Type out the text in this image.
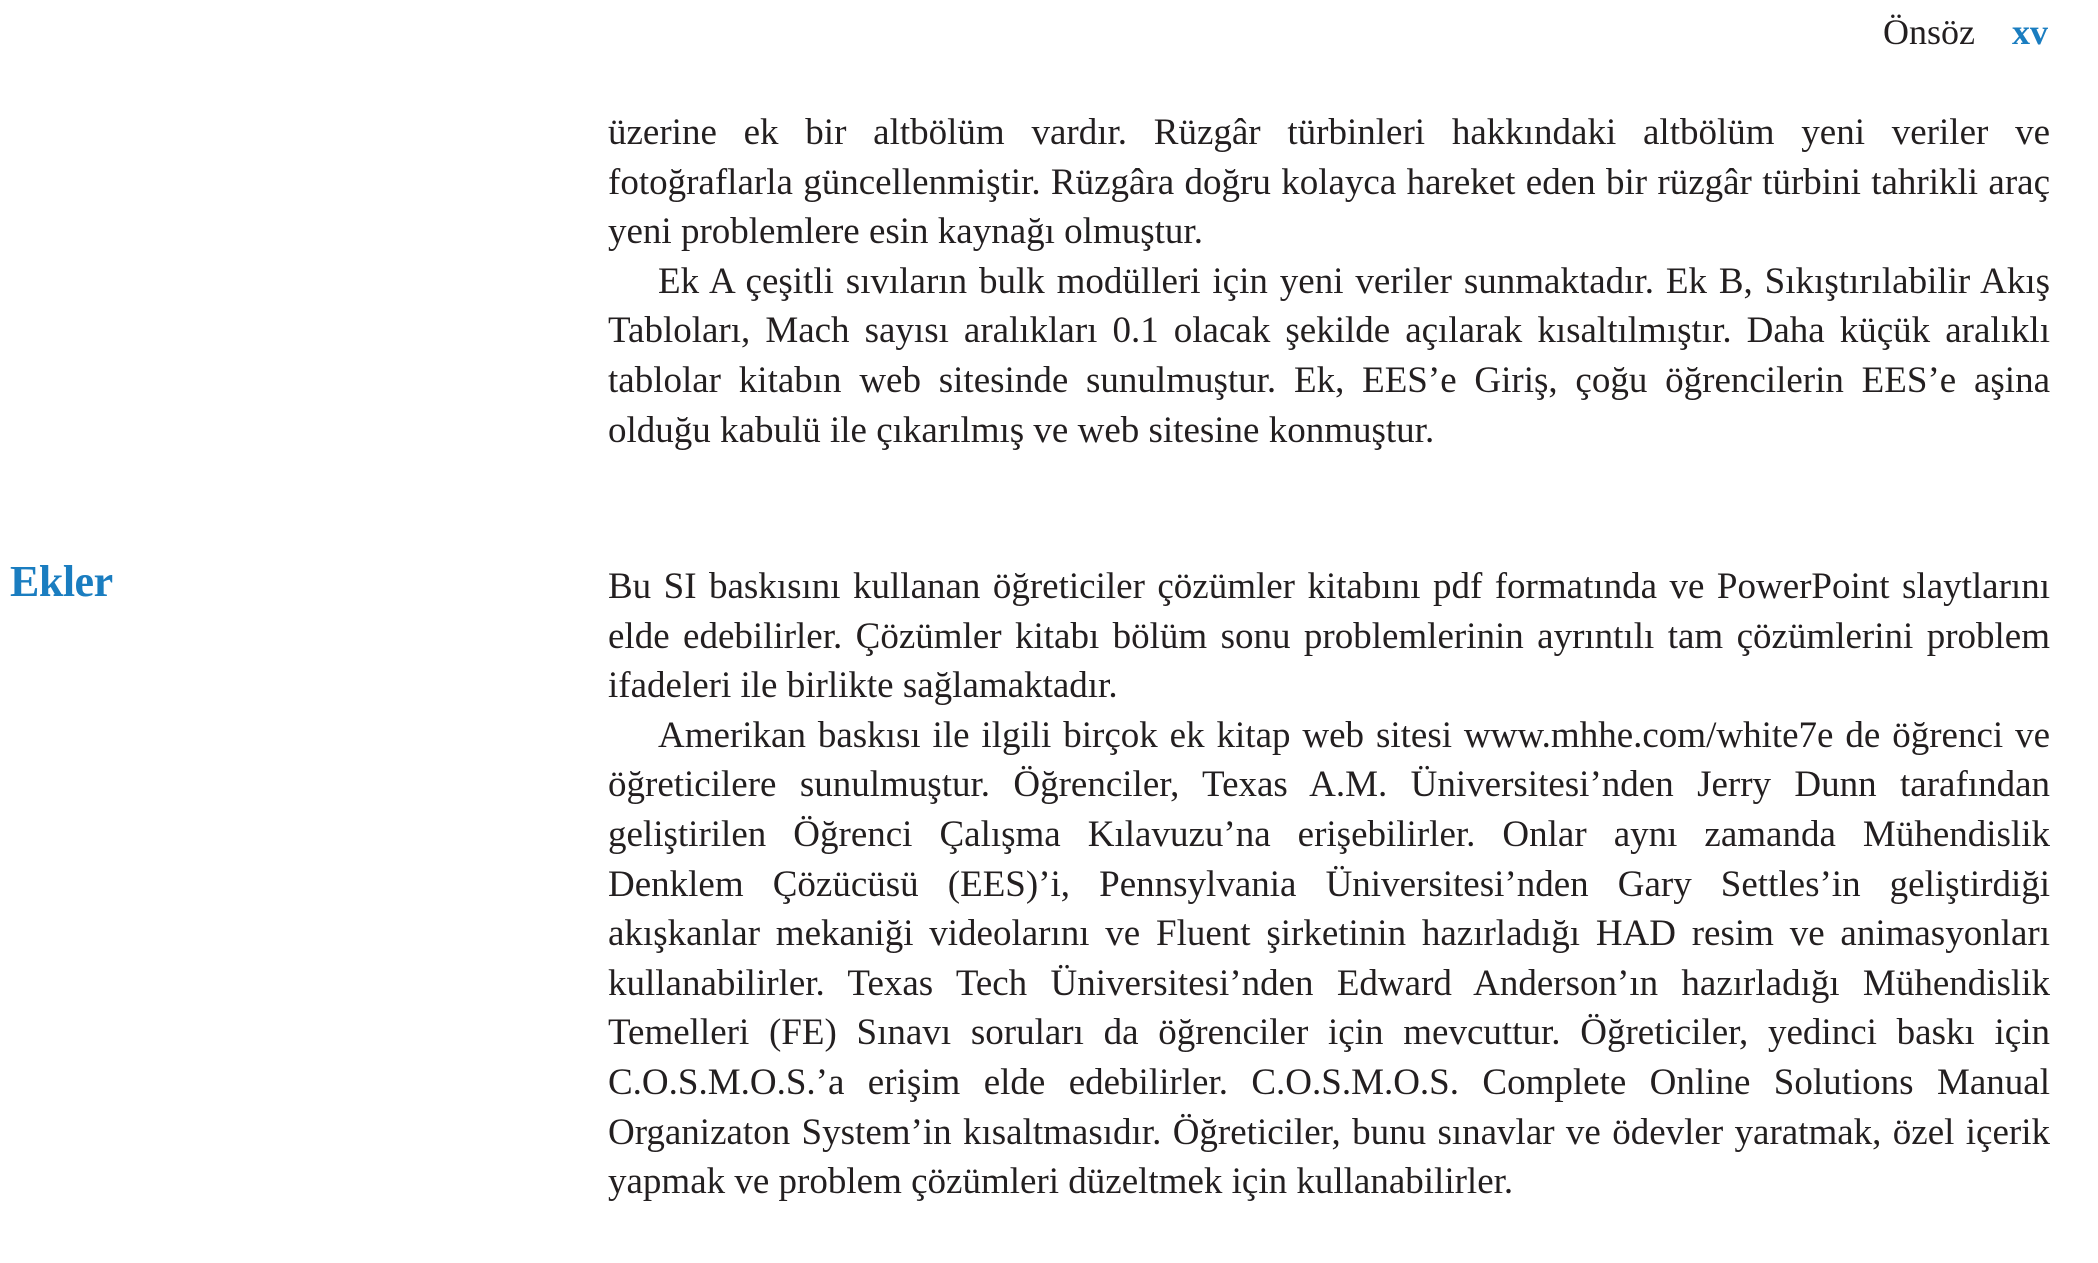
Önsöz xv

üzerine ek bir altbölüm vardır. Rüzgâr türbinleri hakkındaki altbölüm yeni veriler ve fotoğraflarla güncellenmiştir. Rüzgâra doğru kolayca hareket eden bir rüzgâr türbini tahrikli araç yeni problemlere esin kaynağı olmuştur.

Ek A çeşitli sıvıların bulk modülleri için yeni veriler sunmaktadır. Ek B, Sıkıştırılabilir Akış Tabloları, Mach sayısı aralıkları 0.1 olacak şekilde açılarak kısaltılmıştır. Daha küçük aralıklı tablolar kitabın web sitesinde sunulmuştur. Ek, EES’e Giriş, çoğu öğrencilerin EES’e aşina olduğu kabulü ile çıkarılmış ve web sitesine konmuştur.

Ekler	Bu SI baskısını kullanan öğreticiler çözümler kitabını pdf formatında ve PowerPoint slaytlarını elde edebilirler. Çözümler kitabı bölüm sonu problemlerinin ayrıntılı tam çözümlerini problem ifadeleri ile birlikte sağlamaktadır.

Amerikan baskısı ile ilgili birçok ek kitap web sitesi www.mhhe.com/white7e de öğrenci ve öğreticilere sunulmuştur. Öğrenciler, Texas A.M. Üniversitesi’nden Jerry Dunn tarafından geliştirilen Öğrenci Çalışma Kılavuzu’na erişebilirler. Onlar aynı zamanda Mühendislik Denklem Çözücüsü (EES)’i, Pennsylvania Üniversitesi’nden Gary Settles’in geliştirdiği akışkanlar mekaniği videolarını ve Fluent şirketinin hazırladığı HAD resim ve animasyonları kullanabilirler. Texas Tech Üniversitesi’nden Edward Anderson’ın hazırladığı Mühendislik Temelleri (FE) Sınavı soruları da öğrenciler için mevcuttur. Öğreticiler, yedinci baskı için C.O.S.M.O.S.’a erişim elde edebilirler. C.O.S.M.O.S. Complete Online Solutions Manual Organizaton System’in kısaltmasıdır. Öğreticiler, bunu sınavlar ve ödevler yaratmak, özel içerik yapmak ve problem çözümleri düzeltmek için kullanabilirler.
